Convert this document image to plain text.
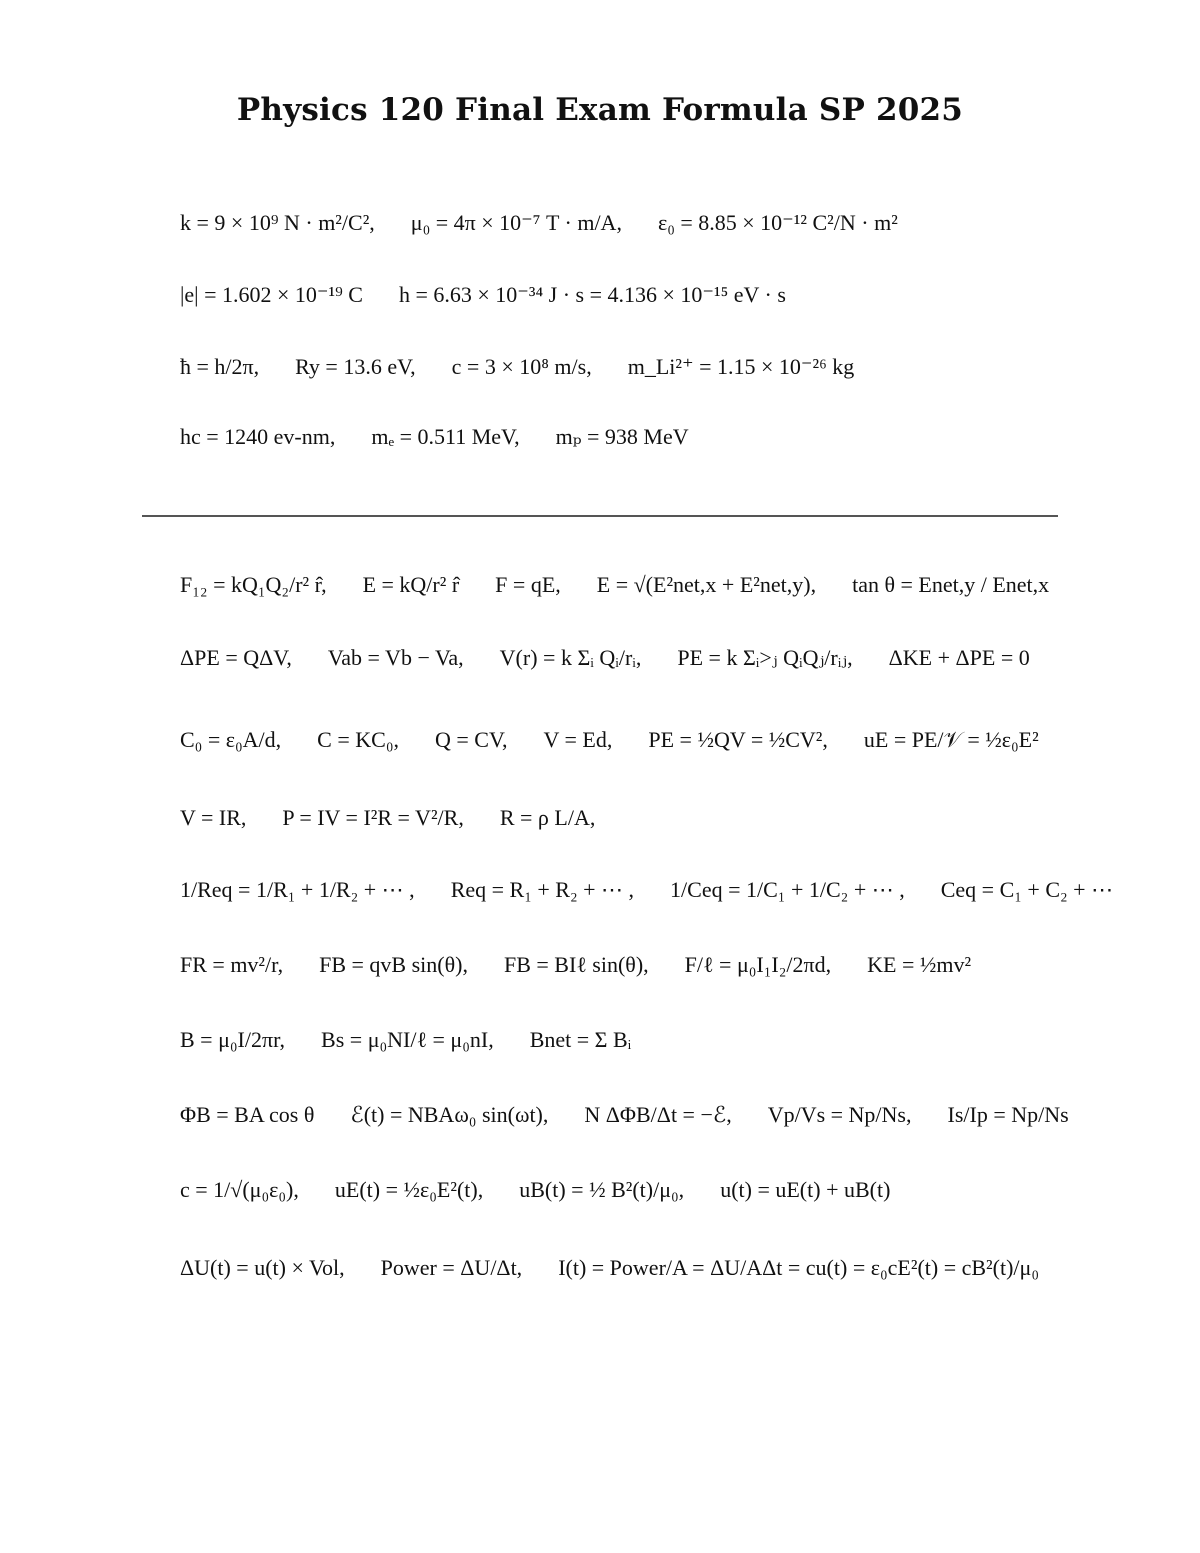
Physics 120 Final Exam Formula SP 2025
k = 9 × 10⁹ N · m²/C², μ₀ = 4π × 10⁻⁷ T · m/A, ε₀ = 8.85 × 10⁻¹² C²/N · m²
|e| = 1.602 × 10⁻¹⁹ C h = 6.63 × 10⁻³⁴ J · s = 4.136 × 10⁻¹⁵ eV · s
ħ = h/2π, Ry = 13.6 eV, c = 3 × 10⁸ m/s, m_Li²⁺ = 1.15 × 10⁻²⁶ kg
hc = 1240 ev-nm, mₑ = 0.511 MeV, mₚ = 938 MeV
F₁₂ = kQ₁Q₂/r² r̂, E = kQ/r² r̂ F = qE, E = √(E²net,x + E²net,y), tan θ = Enet,y / Enet,x
ΔPE = QΔV, Vab = Vb − Va, V(r) = k Σᵢ Qᵢ/rᵢ, PE = k Σᵢ>ⱼ QᵢQⱼ/rᵢⱼ, ΔKE + ΔPE = 0
C₀ = ε₀A/d, C = KC₀, Q = CV, V = Ed, PE = ½QV = ½CV², uE = PE/𝒱 = ½ε₀E²
V = IR, P = IV = I²R = V²/R, R = ρ L/A,
1/Req = 1/R₁ + 1/R₂ + ⋯ , Req = R₁ + R₂ + ⋯ , 1/Ceq = 1/C₁ + 1/C₂ + ⋯ , Ceq = C₁ + C₂ + ⋯
FR = mv²/r, FB = qvB sin(θ), FB = BIℓ sin(θ), F/ℓ = μ₀I₁I₂/2πd, KE = ½mv²
B = μ₀I/2πr, Bs = μ₀NI/ℓ = μ₀nI, Bnet = Σ Bᵢ
ΦB = BA cos θ ℰ(t) = NBAω₀ sin(ωt), N ΔΦB/Δt = −ℰ, Vp/Vs = Np/Ns, Is/Ip = Np/Ns
c = 1/√(μ₀ε₀), uE(t) = ½ε₀E²(t), uB(t) = ½ B²(t)/μ₀, u(t) = uE(t) + uB(t)
ΔU(t) = u(t) × Vol, Power = ΔU/Δt, I(t) = Power/A = ΔU/AΔt = cu(t) = ε₀cE²(t) = cB²(t)/μ₀
